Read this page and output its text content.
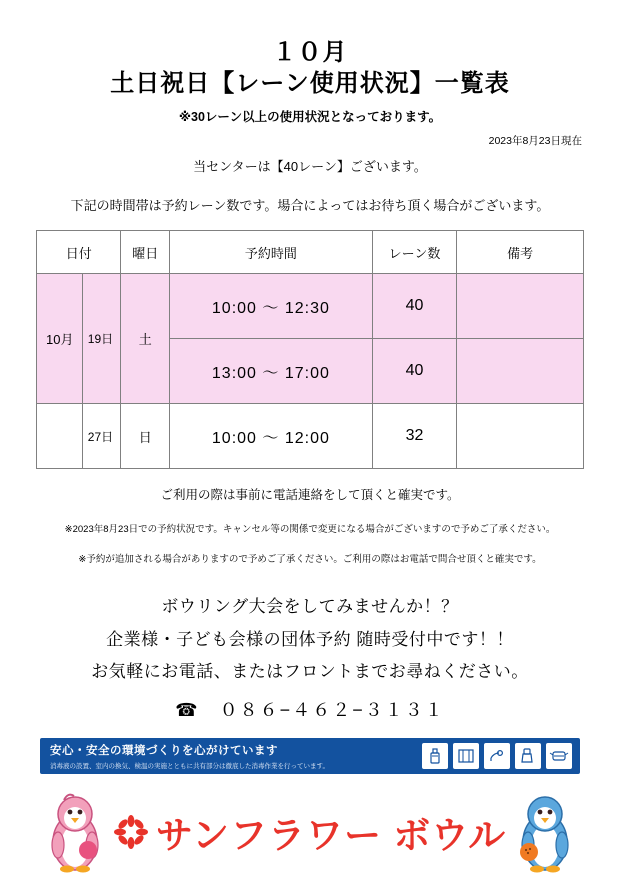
１０月
土日祝日【レーン使用状況】一覧表
※30レーン以上の使用状況となっております。
2023年8月23日現在
当センターは【40レーン】ございます。
下記の時間帯は予約レーン数です。場合によってはお待ち頂く場合がございます。
日付		曜日	予約時間	レーン数	備考
10月	19日	土	10:00 ～ 12:30	40	
			13:00 ～ 17:00	40	
	27日	日	10:00 ～ 12:00	32	
ご利用の際は事前に電話連絡をして頂くと確実です。
※2023年8月23日での予約状況です。キャンセル等の関係で変更になる場合がございますので予めご了承ください。
※予約が追加される場合がありますので予めご了承ください。ご利用の際はお電話で問合せ頂くと確実です。
ボウリング大会をしてみませんか！？
企業様・子ども会様の団体予約 随時受付中です！！
お気軽にお電話、またはフロントまでお尋ねください。
☎　０８６−４６２−３１３１
安心・安全の環境づくりを心がけています
消毒液の設置、室内の換気、検温の実施とともに共有部分は徹底した消毒作業を行っています。
サンフラワー ボウル
